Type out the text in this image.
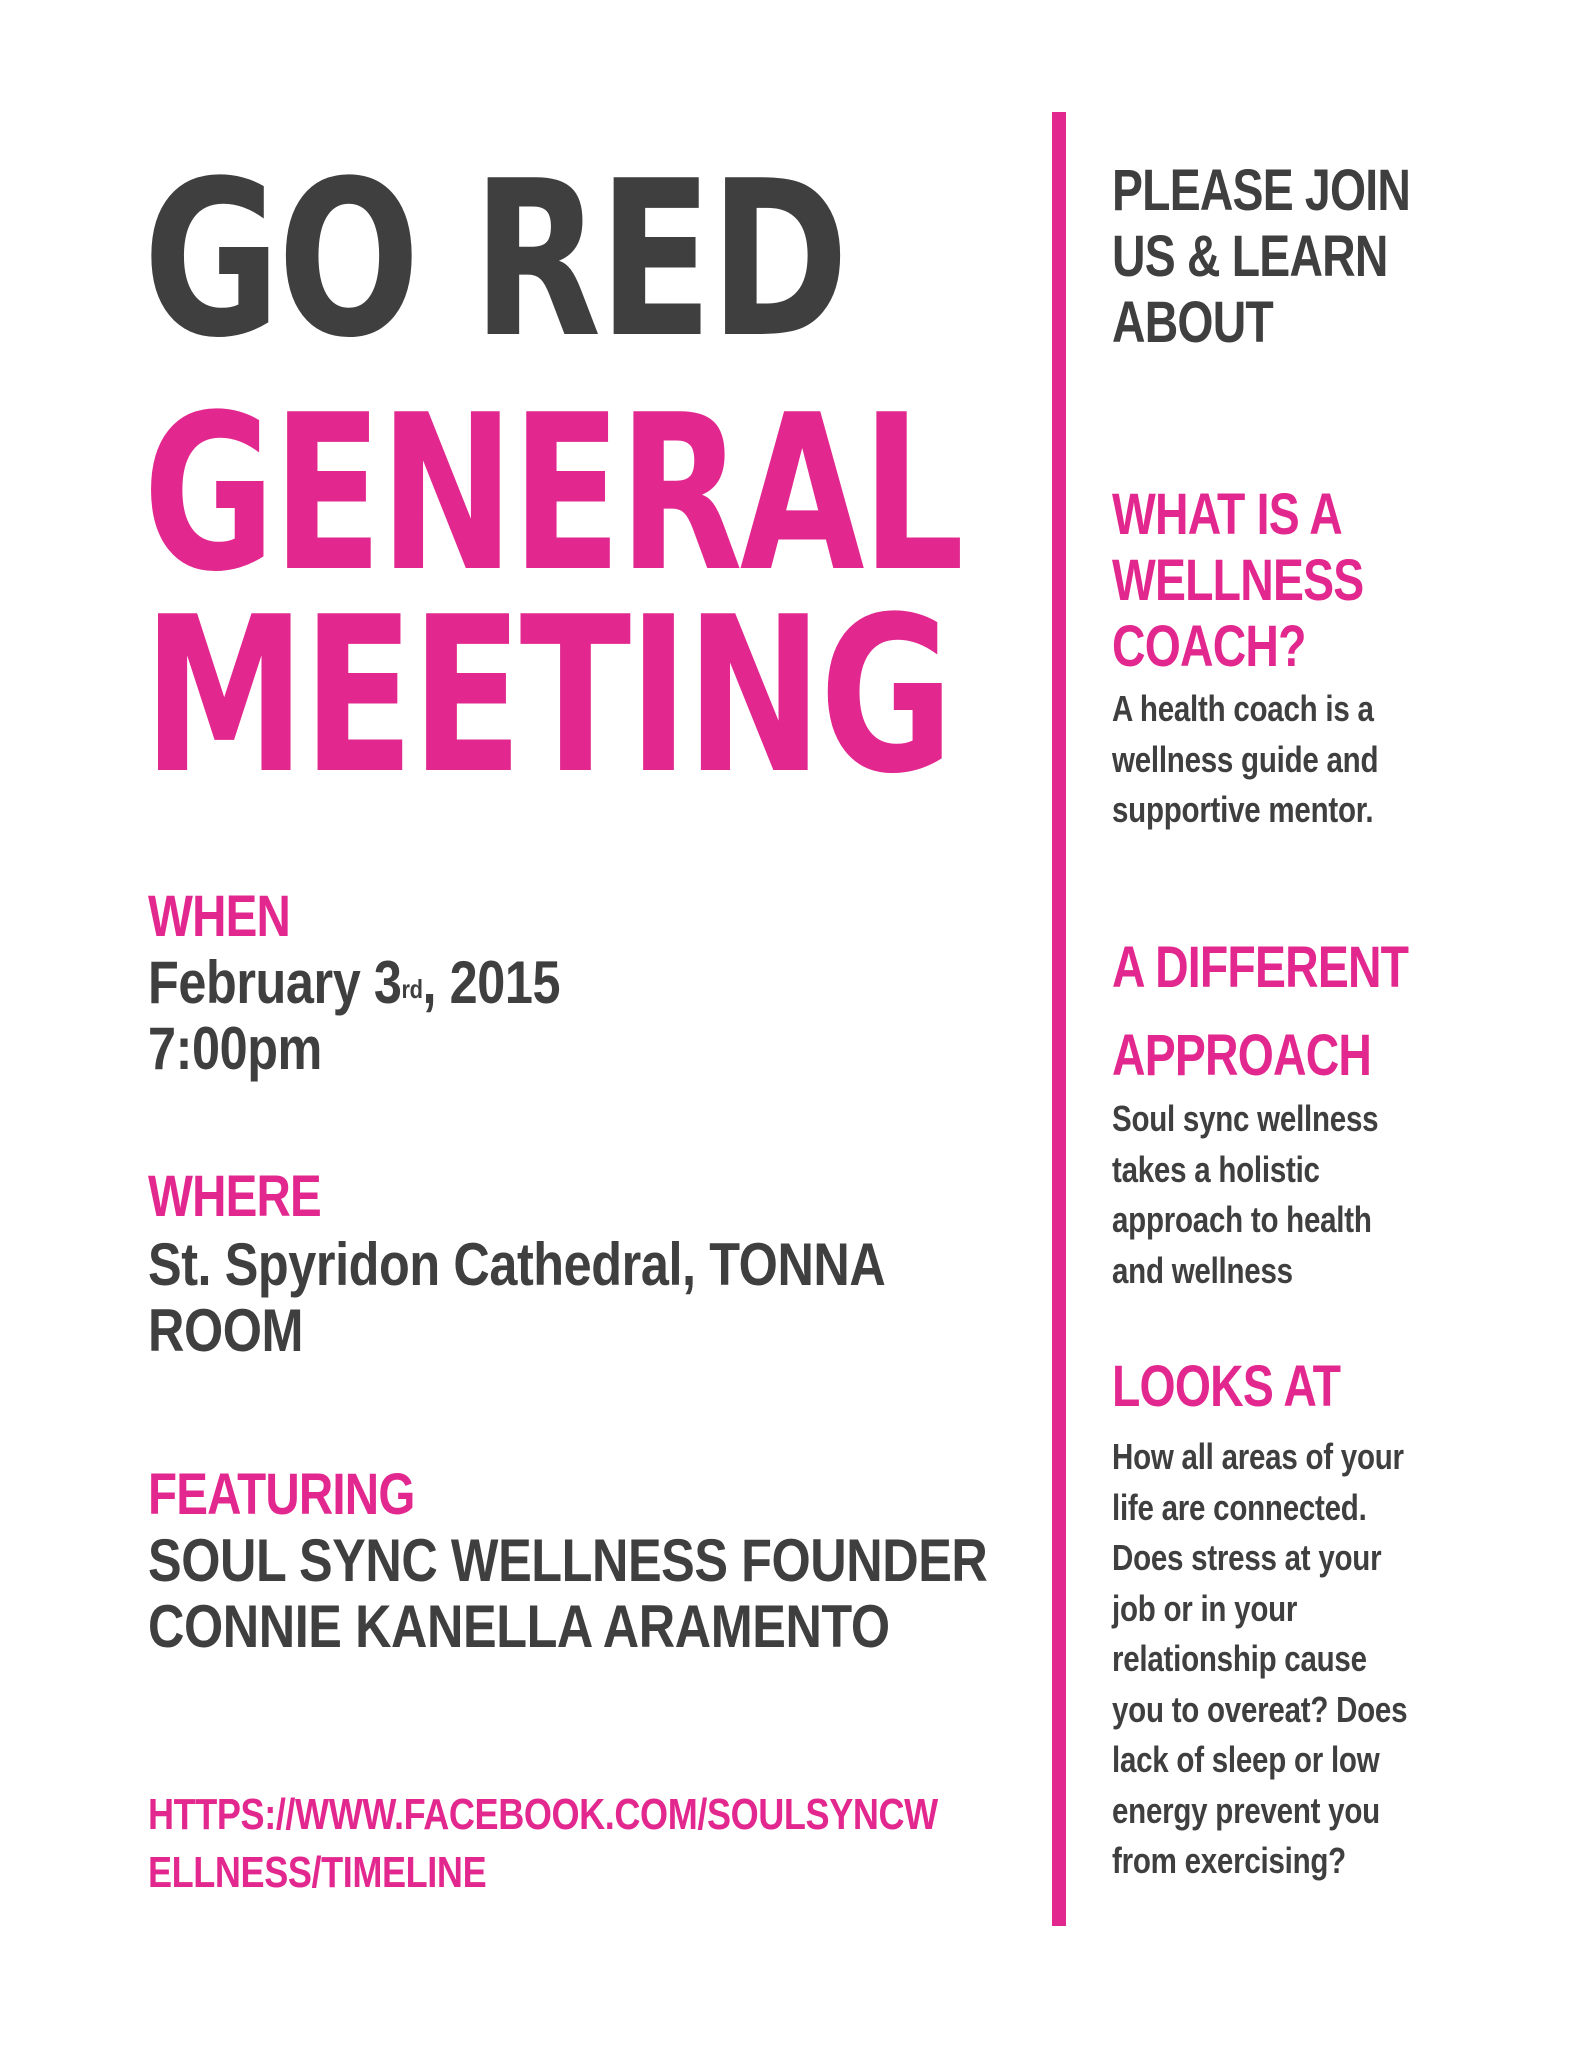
GO RED
GENERAL
MEETING
WHEN
February 3rd, 2015
7:00pm
WHERE
St. Spyridon Cathedral, TONNA
ROOM
FEATURING
SOUL SYNC WELLNESS FOUNDER
CONNIE KANELLA ARAMENTO
HTTPS://WWW.FACEBOOK.COM/SOULSYNCW
ELLNESS/TIMELINE
PLEASE JOIN
US & LEARN
ABOUT
WHAT IS A
WELLNESS
COACH?
A health coach is a
wellness guide and
supportive mentor.
A DIFFERENT
APPROACH
Soul sync wellness
takes a holistic
approach to health
and wellness
LOOKS AT
How all areas of your
life are connected.
Does stress at your
job or in your
relationship cause
you to overeat? Does
lack of sleep or low
energy prevent you
from exercising?
